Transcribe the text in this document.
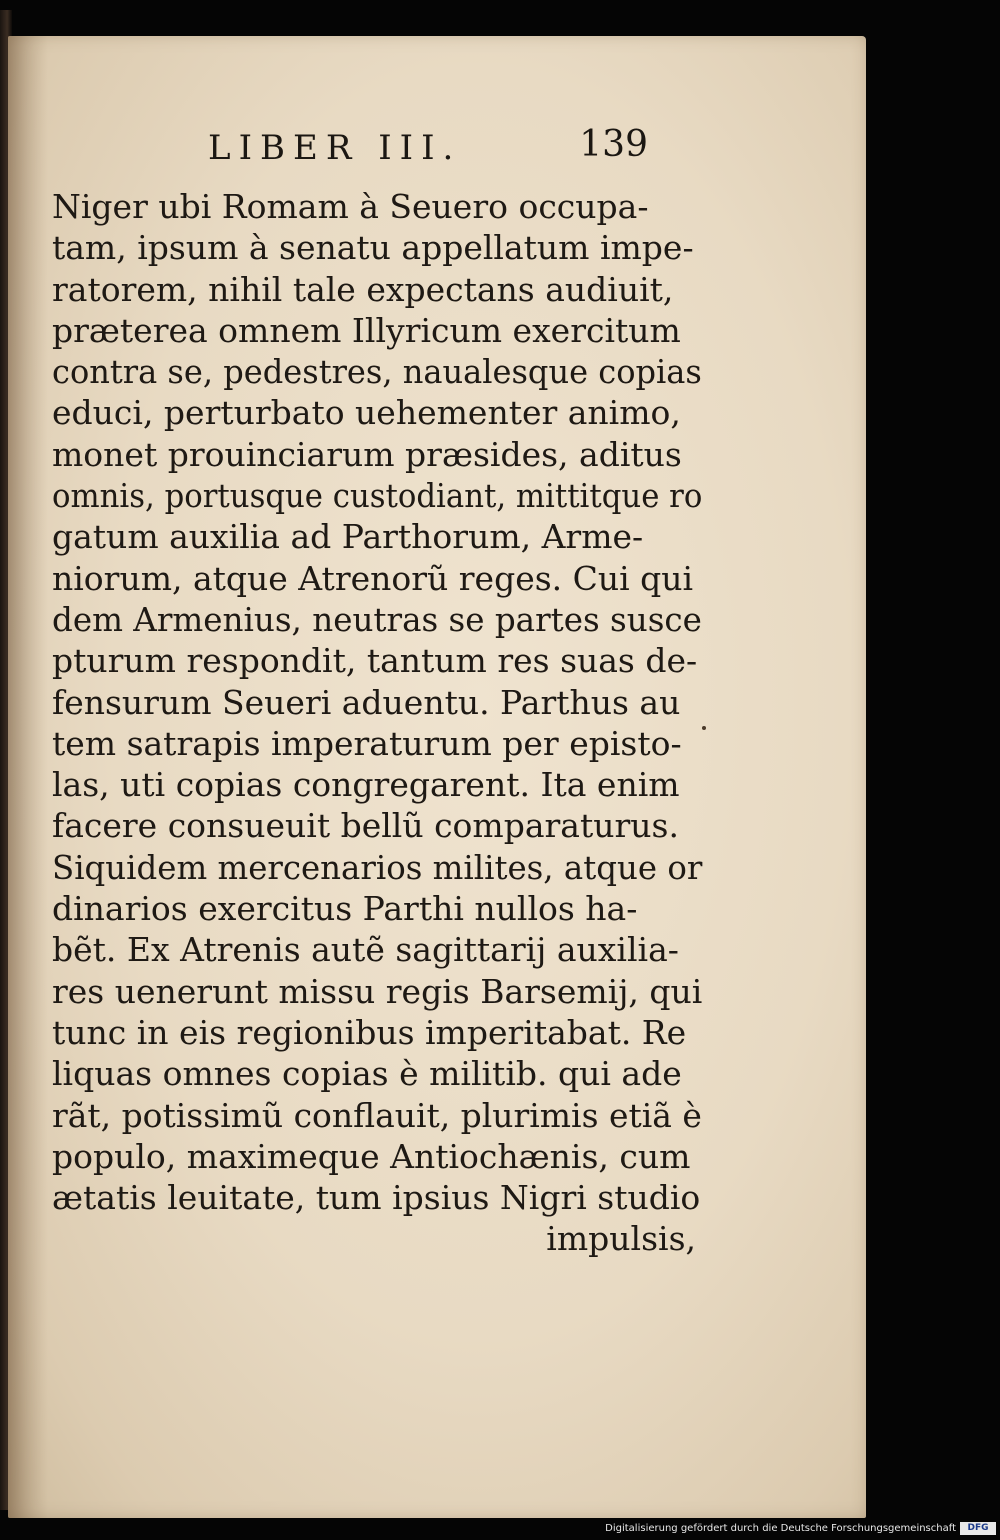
LIBER III.	139
Niger ubi Romam à Seuero occupa-
tam, ipsum à senatu appellatum impe-
ratorem, nihil tale expectans audiuit,
præterea omnem Illyricum exercitum
contra se, pedestres, naualesque copias
educi, perturbato uehementer animo,
monet prouinciarum præsides, aditus
omnis, portusque custodiant, mittitque ro
gatum auxilia ad Parthorum, Arme-
niorum, atque Atrenorũ reges. Cui qui
dem Armenius, neutras se partes susce
pturum respondit, tantum res suas de-
fensurum Seueri aduentu. Parthus au
tem satrapis imperaturum per episto-
las, uti copias congregarent. Ita enim
facere consueuit bellũ comparaturus.
Siquidem mercenarios milites, atque or
dinarios exercitus Parthi nullos ha-
bẽt. Ex Atrenis autẽ sagittarij auxilia-
res uenerunt missu regis Barsemij, qui
tunc in eis regionibus imperitabat. Re
liquas omnes copias è militib. qui ade
rãt, potissimũ conflauit, plurimis etiã è
populo, maximeque Antiochænis, cum
ætatis leuitate, tum ipsius Nigri studio
impulsis,
Digitalisierung gefördert durch die Deutsche Forschungsgemeinschaft	DFG
